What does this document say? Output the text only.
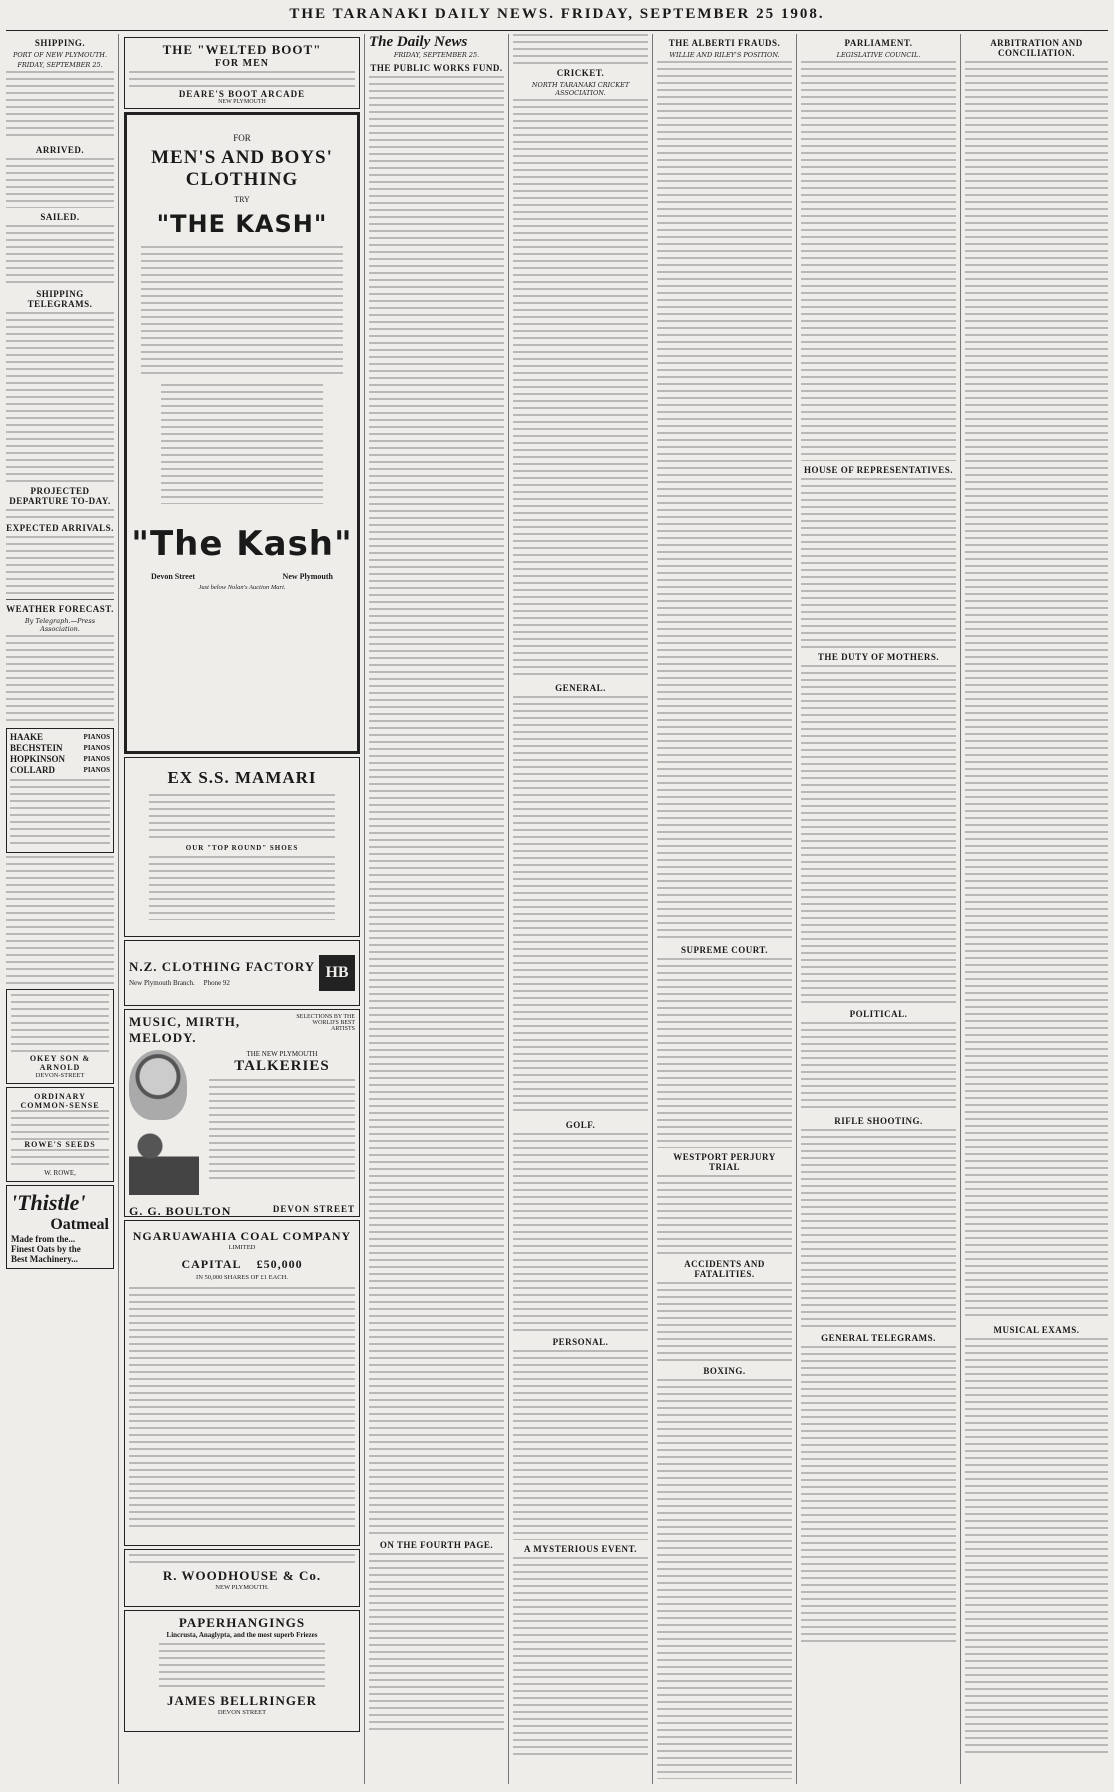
THE TARANAKI DAILY NEWS. FRIDAY, SEPTEMBER 25 1908.
SHIPPING.
PORT OF NEW PLYMOUTH.
FRIDAY, SEPTEMBER 25.
ARRIVED.
SAILED.
SHIPPING TELEGRAMS.
PROJECTED DEPARTURE TO-DAY.
EXPECTED ARRIVALS.
WEATHER FORECAST.
By Telegraph.—Press Association.
HAAKE
BECHSTEIN
HOPKINSON
COLLARD
PIANOS
PIANOS
PIANOS
PIANOS
OKEY SON & ARNOLD
DEVON-STREET
ORDINARY COMMON-SENSE
ROWE'S SEEDS
W. ROWE,
'Thistle'
Oatmeal
Made from the...
Finest Oats by the
Best Machinery...
THE "WELTED BOOT"
FOR MEN
DEARE'S BOOT ARCADE
NEW PLYMOUTH
FOR
MEN'S AND BOYS'
CLOTHING
TRY
"THE KASH"
"The Kash"
Devon Street	New Plymouth
Just below Nolan's Auction Mart.
EX S.S. MAMARI
OUR "TOP ROUND" SHOES
N.Z. CLOTHING FACTORY
New Plymouth Branch. Phone 92
HB
MUSIC, MIRTH, MELODY.
SELECTIONS BY THE WORLD'S BEST ARTISTS

THE NEW PLYMOUTH
TALKERIES
G. G. BOULTON	DEVON STREET
NGARUAWAHIA COAL COMPANY
LIMITED
CAPITAL £50,000
IN 50,000 SHARES OF £1 EACH.
R. WOODHOUSE & Co.
NEW PLYMOUTH.
PAPERHANGINGS
Lincrusta, Anaglypta, and the most superb Friezes
JAMES BELLRINGER
DEVON STREET
The Daily News
FRIDAY, SEPTEMBER 25.
THE PUBLIC WORKS FUND.
ON THE FOURTH PAGE.
CRICKET.
NORTH TARANAKI CRICKET ASSOCIATION.
GENERAL.
GOLF.
PERSONAL.
A MYSTERIOUS EVENT.
THE ALBERTI FRAUDS.
WILLIE AND RILEY'S POSITION.
SUPREME COURT.
WESTPORT PERJURY TRIAL
ACCIDENTS AND FATALITIES.
BOXING.
PARLIAMENT.
LEGISLATIVE COUNCIL.
HOUSE OF REPRESENTATIVES.
THE DUTY OF MOTHERS.
POLITICAL.
RIFLE SHOOTING.
GENERAL TELEGRAMS.
ARBITRATION AND CONCILIATION.
MUSICAL EXAMS.
